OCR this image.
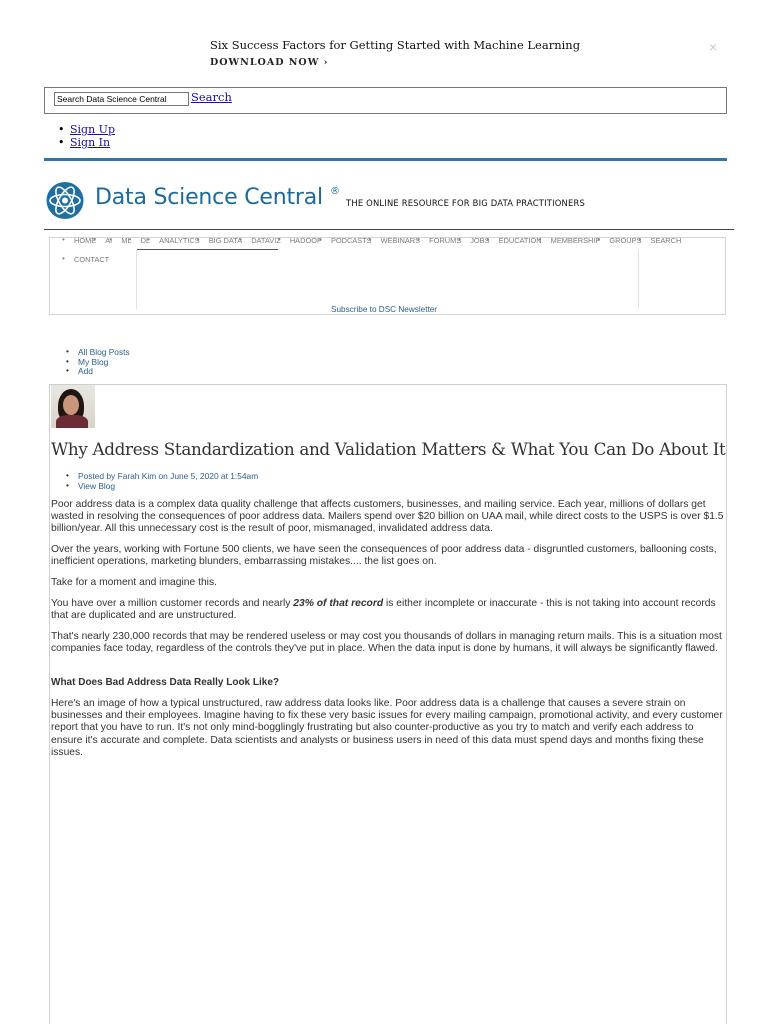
Six Success Factors for Getting Started with Machine Learning
DOWNLOAD NOW ›
×
Search Data Science Central
Search
• Sign Up
• Sign In
Data Science Central ®
THE ONLINE RESOURCE FOR BIG DATA PRACTITIONERS
• HOME • AI • ML • DL • ANALYTICS • BIG DATA • DATAVIZ • HADOOP • PODCASTS • WEBINARS • FORUMS • JOBS • EDUCATION • MEMBERSHIP • GROUPS • SEARCH
• CONTACT
Subscribe to DSC Newsletter
• All Blog Posts
• My Blog
• Add
Why Address Standardization and Validation Matters & What You Can Do About It
• Posted by Farah Kim on June 5, 2020 at 1:54am
• View Blog

Poor address data is a complex data quality challenge that affects customers, businesses, and mailing service. Each year, millions of dollars get wasted in resolving the consequences of poor address data. Mailers spend over $20 billion on UAA mail, while direct costs to the USPS is over $1.5 billion/year. All this unnecessary cost is the result of poor, mismanaged, invalidated address data.

Over the years, working with Fortune 500 clients, we have seen the consequences of poor address data - disgruntled customers, ballooning costs, inefficient operations, marketing blunders, embarrassing mistakes.... the list goes on.

Take for a moment and imagine this.

You have over a million customer records and nearly 23% of that record is either incomplete or inaccurate - this is not taking into account records that are duplicated and are unstructured.

That's nearly 230,000 records that may be rendered useless or may cost you thousands of dollars in managing return mails. This is a situation most companies face today, regardless of the controls they've put in place. When the data input is done by humans, it will always be significantly flawed.

What Does Bad Address Data Really Look Like?

Here's an image of how a typical unstructured, raw address data looks like. Poor address data is a challenge that causes a severe strain on businesses and their employees. Imagine having to fix these very basic issues for every mailing campaign, promotional activity, and every customer report that you have to run. It's not only mind-bogglingly frustrating but also counter-productive as you try to match and verify each address to ensure it's accurate and complete. Data scientists and analysts or business users in need of this data must spend days and months fixing these issues.
